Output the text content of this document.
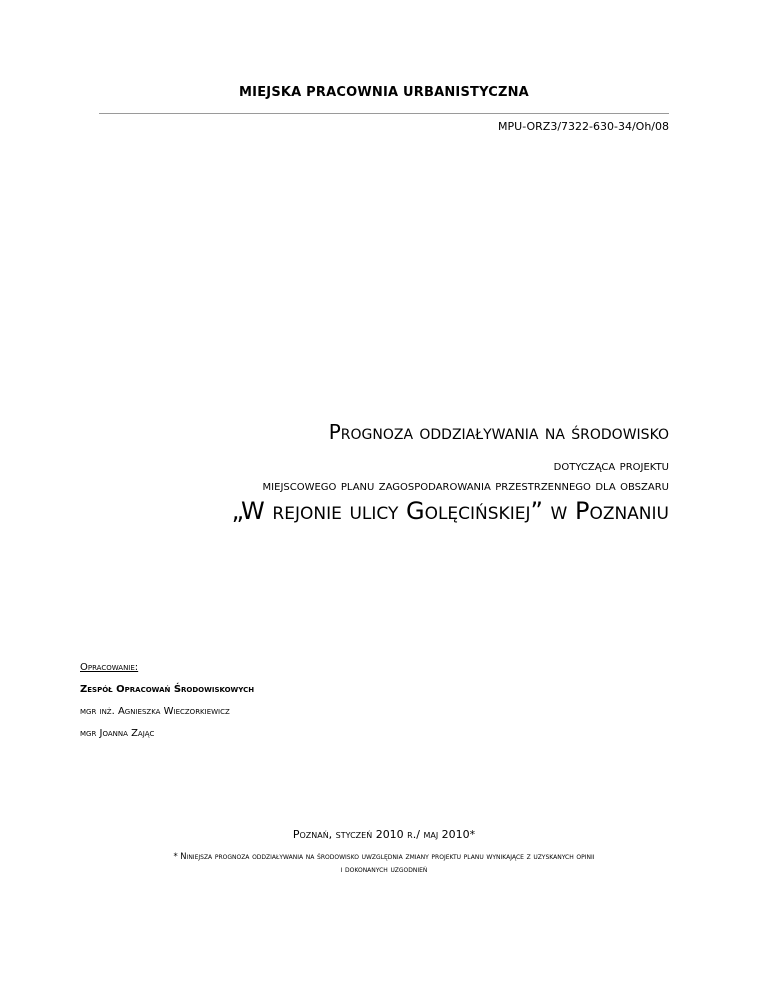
MIEJSKA PRACOWNIA URBANISTYCZNA
MPU-ORZ3/7322-630-34/Oh/08
Prognoza oddziaływania na środowisko
dotycząca projektu
miejscowego planu zagospodarowania przestrzennego dla obszaru
„W rejonie ulicy Golęcińskiej” w Poznaniu
Opracowanie:
Zespół Opracowań Środowiskowych
mgr inż. Agnieszka Wieczorkiewicz
mgr Joanna Zając
Poznań, styczeń 2010 r./ maj 2010*
* Niniejsza prognoza oddziaływania na środowisko uwzględnia zmiany projektu planu wynikające z uzyskanych opinii
i dokonanych uzgodnień
